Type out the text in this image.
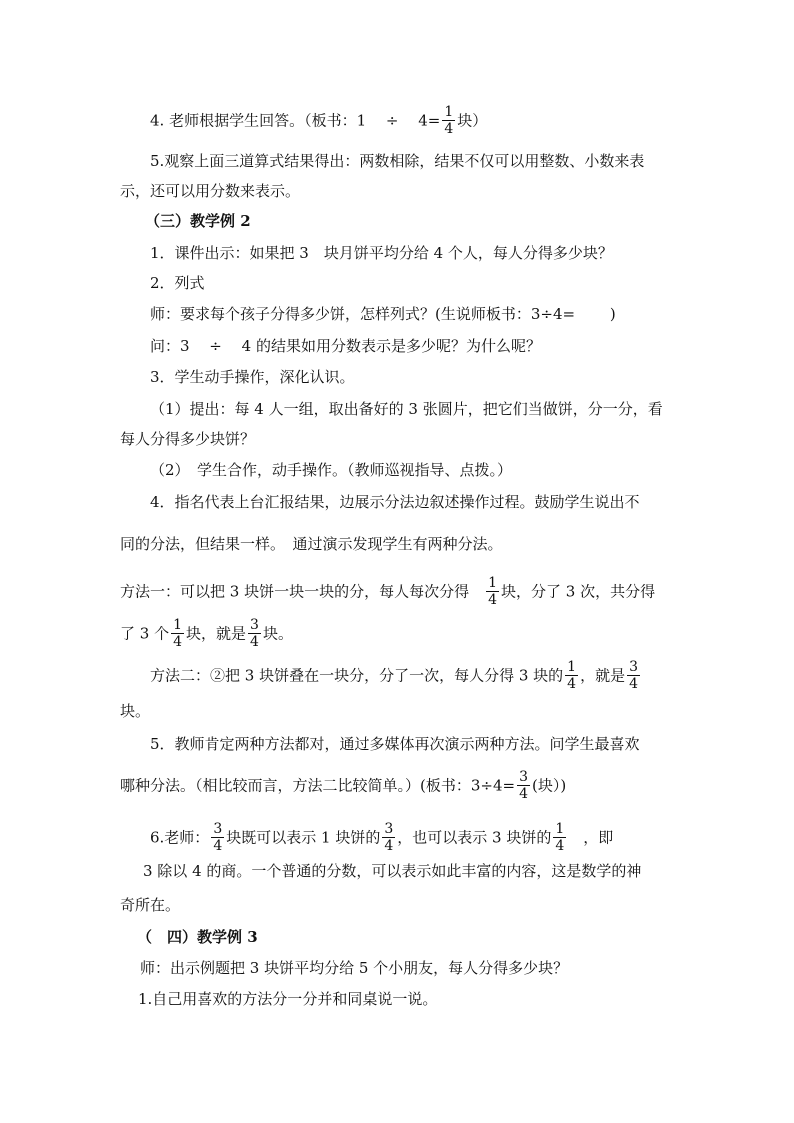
4. 老师根据学生回答。（板书：1　 ÷　 $4= \frac{1}{4}$ 块）
5.观察上面三道算式结果得出：两数相除，结果不仅可以用整数、小数来表
示，还可以用分数来表示。
（三）教学例 2
1．课件出示：如果把 3　块月饼平均分给 4 个人，每人分得多少块？
2．列式
师：要求每个孩子分得多少饼，怎样列式？(生说师板书：3÷4=　　 )
问：3　 ÷　 4 的结果如用分数表示是多少呢？为什么呢？
3．学生动手操作，深化认识。
（1）提出：每 4 人一组，取出备好的 3 张圆片，把它们当做饼，分一分，看
每人分得多少块饼？
（2）　学生合作，动手操作。（教师巡视指导、点拨。）
4．指名代表上台汇报结果，边展示分法边叙述操作过程。鼓励学生说出不
同的分法，但结果一样。　通过演示发现学生有两种分法。
方法一：可以把 3 块饼一块一块的分，每人每次分得　 $\frac{1}{4}$ 块，分了 3 次，共分得
了 3 个 $\frac{1}{4}$ 块，就是 $\frac{3}{4}$ 块。
方法二：②把 3 块饼叠在一块分，分了一次，每人分得 3 块的 $\frac{1}{4}$ ，就是 $\frac{3}{4}$
块。
5．教师肯定两种方法都对，通过多媒体再次演示两种方法。问学生最喜欢
哪种分法。（相比较而言，方法二比较简单。）(板书：$3\div 4= \frac{3}{4}$ (块）)
6.老师： $\frac{3}{4}$ 块既可以表示 1 块饼的 $\frac{3}{4}$ ，也可以表示 3 块饼的 $\frac{1}{4}$ 　，即
3 除以 4 的商。一个普通的分数，可以表示如此丰富的内容，这是数学的神
奇所在。
（　四）教学例 3
师：出示例题把 3 块饼平均分给 5 个小朋友，每人分得多少块？
1.自己用喜欢的方法分一分并和同桌说一说。
